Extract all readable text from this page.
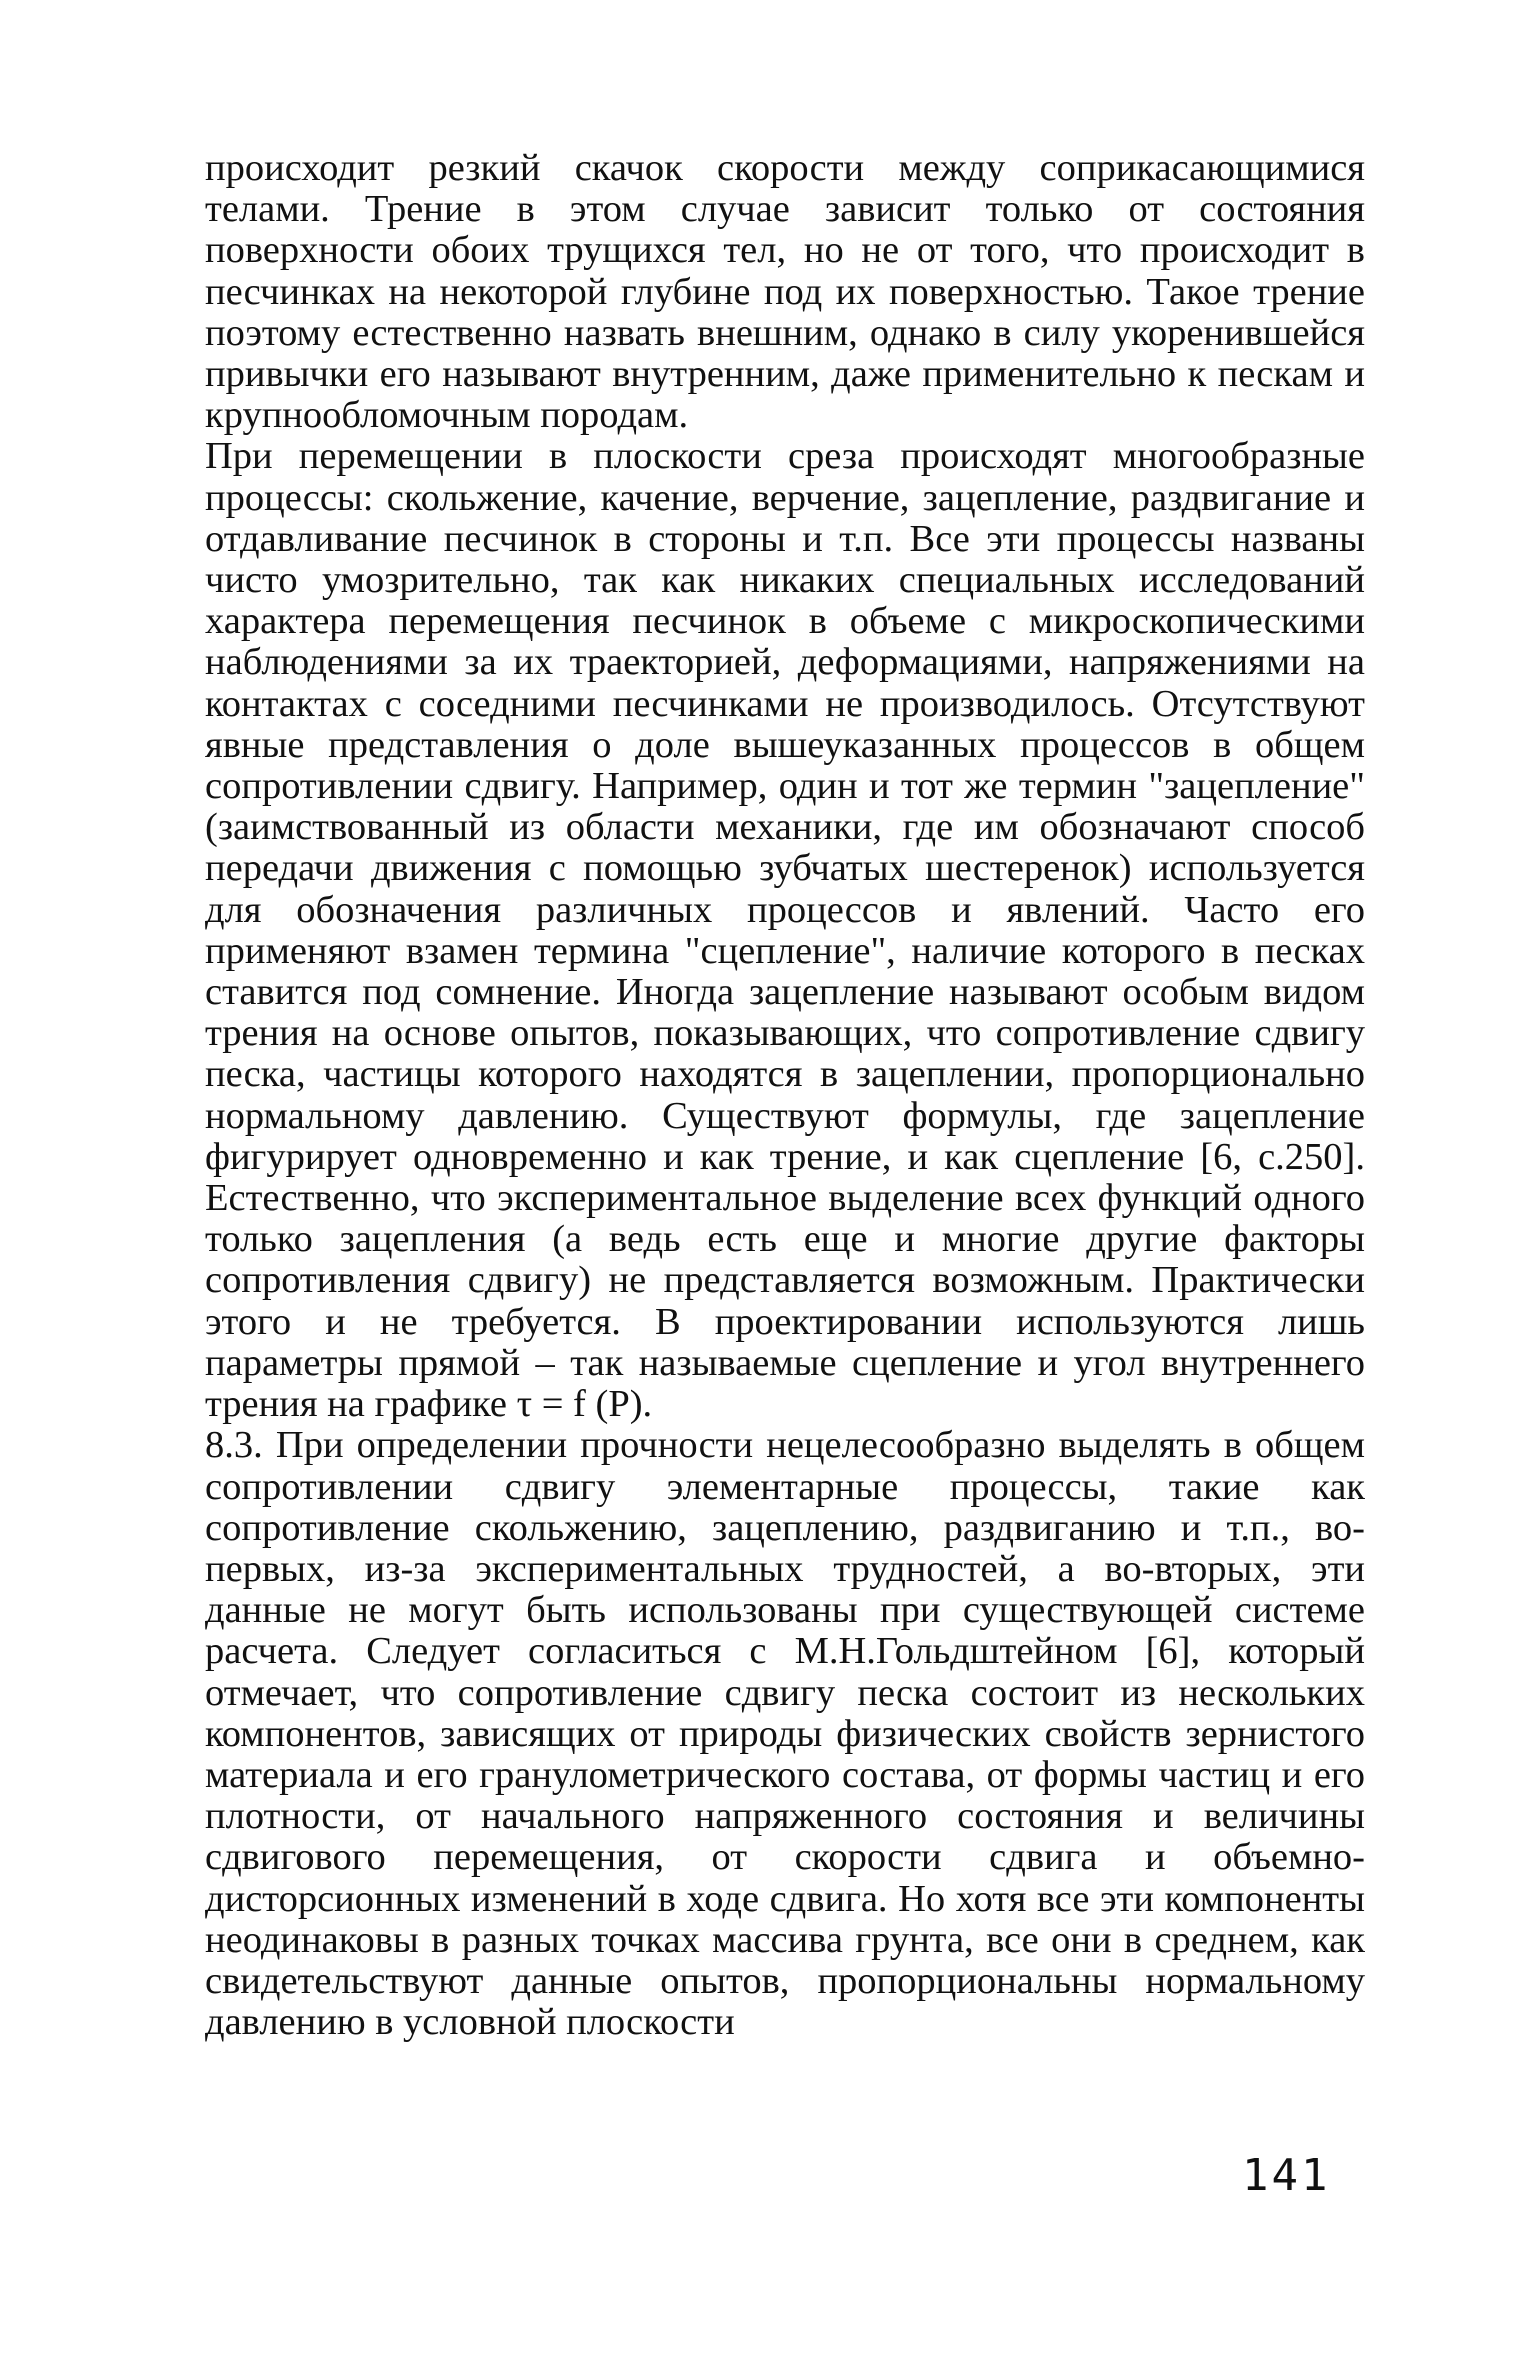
происходит резкий скачок скорости между соприкасающимися телами. Трение в этом случае зависит только от состояния поверхности обоих трущихся тел, но не от того, что происходит в песчинках на некоторой глубине под их поверхностью. Такое трение поэтому естественно назвать внешним, однако в силу укоренившейся привычки его называют внутренним, даже применительно к пескам и крупнообломочным породам.

При перемещении в плоскости среза происходят многообразные процессы: скольжение, качение, верчение, зацепление, раздвигание и отдавливание песчинок в стороны и т.п. Все эти процессы названы чисто умозрительно, так как никаких специальных исследований характера перемещения песчинок в объеме с микроскопическими наблюдениями за их траекторией, деформациями, напряжениями на контактах с соседними песчинками не производилось. Отсутствуют явные представления о доле вышеуказанных процессов в общем сопротивлении сдвигу. Например, один и тот же термин "зацепление" (заимствованный из области механики, где им обозначают способ передачи движения с помощью зубчатых шестеренок) используется для обозначения различных процессов и явлений. Часто его применяют взамен термина "сцепление", наличие которого в песках ставится под сомнение. Иногда зацепление называют особым видом трения на основе опытов, показывающих, что сопротивление сдвигу песка, частицы которого находятся в зацеплении, пропорционально нормальному давлению. Существуют формулы, где зацепление фигурирует одновременно и как трение, и как сцепление [6, с.250]. Естественно, что экспериментальное выделение всех функций одного только зацепления (а ведь есть еще и многие другие факторы сопротивления сдвигу) не представляется возможным. Практически этого и не требуется. В проектировании используются лишь параметры прямой – так называемые сцепление и угол внутреннего трения на графике τ = f (P).

8.3. При определении прочности нецелесообразно выделять в общем сопротивлении сдвигу элементарные процессы, такие как сопротивление скольжению, зацеплению, раздвиганию и т.п., во-первых, из-за экспериментальных трудностей, а во-вторых, эти данные не могут быть использованы при существующей системе расчета. Следует согласиться с М.Н.Гольдштейном [6], который отмечает, что сопротивление сдвигу песка состоит из нескольких компонентов, зависящих от природы физических свойств зернистого материала и его гранулометрического состава, от формы частиц и его плотности, от начального напряженного состояния и величины сдвигового перемещения, от скорости сдвига и объемно-дисторсионных изменений в ходе сдвига. Но хотя все эти компоненты неодинаковы в разных точках массива грунта, все они в среднем, как свидетельствуют данные опытов, пропорциональны нормальному давлению в условной плоскости

141
